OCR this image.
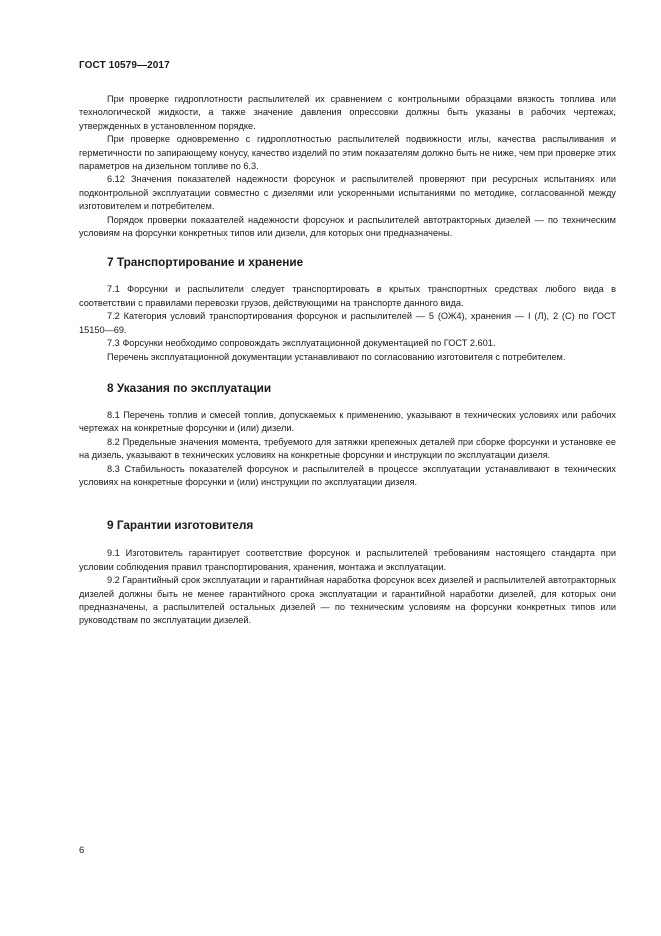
ГОСТ 10579—2017

При проверке гидроплотности распылителей их сравнением с контрольными образцами вязкость топлива или технологической жидкости, а также значение давления опрессовки должны быть указаны в рабочих чертежах, утвержденных в установленном порядке.

При проверке одновременно с гидроплотностью распылителей подвижности иглы, качества распыливания и герметичности по запирающему конусу, качество изделий по этим показателям должно быть не ниже, чем при проверке этих параметров на дизельном топливе по 6.3.

6.12 Значения показателей надежности форсунок и распылителей проверяют при ресурсных испытаниях или подконтрольной эксплуатации совместно с дизелями или ускоренными испытаниями по методике, согласованной между изготовителем и потребителем.

Порядок проверки показателей надежности форсунок и распылителей автотракторных дизелей — по техническим условиям на форсунки конкретных типов или дизели, для которых они предназначены.

7 Транспортирование и хранение

7.1 Форсунки и распылители следует транспортировать в крытых транспортных средствах любого вида в соответствии с правилами перевозки грузов, действующими на транспорте данного вида.

7.2 Категория условий транспортирования форсунок и распылителей — 5 (ОЖ4), хранения — I (Л), 2 (С) по ГОСТ 15150—69.

7.3 Форсунки необходимо сопровождать эксплуатационной документацией по ГОСТ 2.601.

Перечень эксплуатационной документации устанавливают по согласованию изготовителя с потребителем.

8 Указания по эксплуатации

8.1 Перечень топлив и смесей топлив, допускаемых к применению, указывают в технических условиях или рабочих чертежах на конкретные форсунки и (или) дизели.

8.2 Предельные значения момента, требуемого для затяжки крепежных деталей при сборке форсунки и установке ее на дизель, указывают в технических условиях на конкретные форсунки и инструкции по эксплуатации дизеля.

8.3 Стабильность показателей форсунок и распылителей в процессе эксплуатации устанавливают в технических условиях на конкретные форсунки и (или) инструкции по эксплуатации дизеля.

9 Гарантии изготовителя

9.1 Изготовитель гарантирует соответствие форсунок и распылителей требованиям настоящего стандарта при условии соблюдения правил транспортирования, хранения, монтажа и эксплуатации.

9.2 Гарантийный срок эксплуатации и гарантийная наработка форсунок всех дизелей и распылителей автотракторных дизелей должны быть не менее гарантийного срока эксплуатации и гарантийной наработки дизелей, для которых они предназначены, а распылителей остальных дизелей — по техническим условиям на форсунки конкретных типов или руководствам по эксплуатации дизелей.

6
